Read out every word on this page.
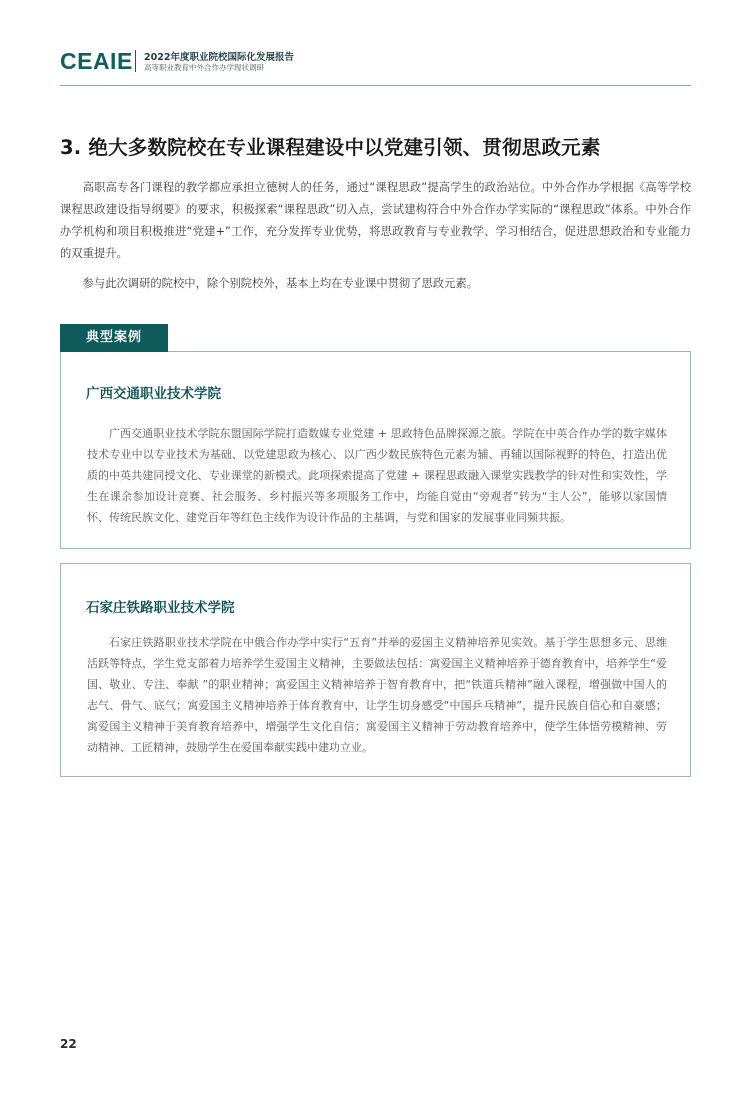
CEAIE 2022年度职业院校国际化发展报告
高等职业教育中外合作办学现状调研
3. 绝大多数院校在专业课程建设中以党建引领、贯彻思政元素

高职高专各门课程的教学都应承担立德树人的任务，通过“课程思政”提高学生的政治站位。中外合作办学根据《高等学校课程思政建设指导纲要》的要求，积极探索“课程思政”切入点，尝试建构符合中外合作办学实际的“课程思政”体系。中外合作办学机构和项目积极推进“党建+”工作，充分发挥专业优势，将思政教育与专业教学、学习相结合，促进思想政治和专业能力的双重提升。

参与此次调研的院校中，除个别院校外，基本上均在专业课中贯彻了思政元素。

广西交通职业技术学院

广西交通职业技术学院东盟国际学院打造数媒专业党建 + 思政特色品牌探源之旅。学院在中英合作办学的数字媒体技术专业中以专业技术为基础、以党建思政为核心、以广西少数民族特色元素为辅、再辅以国际视野的特色，打造出优质的中英共建同授文化、专业课堂的新模式。此项探索提高了党建 + 课程思政融入课堂实践教学的针对性和实效性，学生在课余参加设计竞赛、社会服务、乡村振兴等多项服务工作中，均能自觉由“旁观者”转为“主人公”，能够以家国情怀、传统民族文化、建党百年等红色主线作为设计作品的主基调，与党和国家的发展事业同频共振。

典型案例
石家庄铁路职业技术学院

石家庄铁路职业技术学院在中俄合作办学中实行“五育”并举的爱国主义精神培养见实效。基于学生思想多元、思维活跃等特点，学生党支部着力培养学生爱国主义精神，主要做法包括：寓爱国主义精神培养于德育教育中，培养学生“爱国、敬业、专注、奉献 ”的职业精神；寓爱国主义精神培养于智育教育中，把“铁道兵精神”融入课程，增强做中国人的志气、骨气、底气；寓爱国主义精神培养于体育教育中，让学生切身感受“中国乒乓精神”，提升民族自信心和自豪感；寓爱国主义精神于美育教育培养中，增强学生文化自信；寓爱国主义精神于劳动教育培养中，使学生体悟劳模精神、劳动精神、工匠精神，鼓励学生在爱国奉献实践中建功立业。

22
